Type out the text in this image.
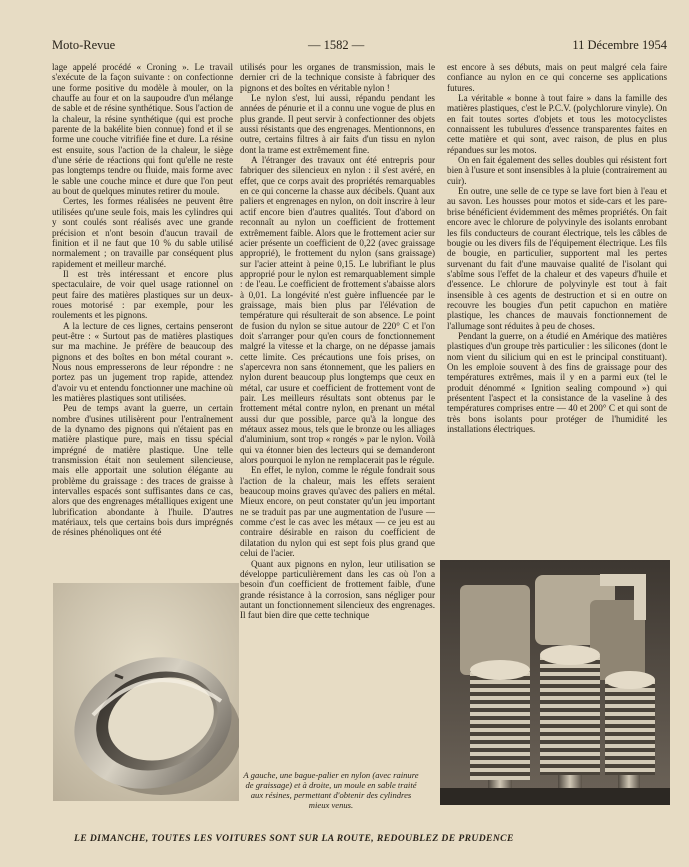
Moto-Revue	— 1582 —	11 Décembre 1954

lage appelé procédé « Croning ». Le travail s'exécute de la façon suivante : on confectionne une forme positive du modèle à mouler, on la chauffe au four et on la saupoudre d'un mélange de sable et de résine synthétique. Sous l'action de la chaleur, la résine synthétique (qui est proche parente de la bakélite bien connue) fond et il se forme une couche vitrifiée fine et dure. La résine est ensuite, sous l'action de la chaleur, le siège d'une série de réactions qui font qu'elle ne reste pas longtemps tendre ou fluide, mais forme avec le sable une couche mince et dure que l'on peut au bout de quelques minutes retirer du moule.

Certes, les formes réalisées ne peuvent être utilisées qu'une seule fois, mais les cylindres qui y sont coulés sont réalisés avec une grande précision et n'ont besoin d'aucun travail de finition et il ne faut que 10 % du sable utilisé normalement ; on travaille par conséquent plus rapidement et meilleur marché.

Il est très intéressant et encore plus spectaculaire, de voir quel usage rationnel on peut faire des matières plastiques sur un deux-roues motorisé : par exemple, pour les roulements et les pignons.

A la lecture de ces lignes, certains penseront peut-être : « Surtout pas de matières plastiques sur ma machine. Je préfère de beaucoup des pignons et des boîtes en bon métal courant ». Nous nous empresserons de leur répondre : ne portez pas un jugement trop rapide, attendez d'avoir vu et entendu fonctionner une machine où les matières plastiques sont utilisées.

Peu de temps avant la guerre, un certain nombre d'usines utilisèrent pour l'entraînement de la dynamo des pignons qui n'étaient pas en matière plastique pure, mais en tissu spécial imprégné de matière plastique. Une telle transmission était non seulement silencieuse, mais elle apportait une solution élégante au problème du graissage : des traces de graisse à intervalles espacés sont suffisantes dans ce cas, alors que des engrenages métalliques exigent une lubrification abondante à l'huile. D'autres matériaux, tels que certains bois durs imprégnés de résines phénoliques ont été

utilisés pour les organes de transmission, mais le dernier cri de la technique consiste à fabriquer des pignons et des boîtes en véritable nylon !

Le nylon s'est, lui aussi, répandu pendant les années de pénurie et il a connu une vogue de plus en plus grande. Il peut servir à confectionner des objets aussi résistants que des engrenages. Mentionnons, en outre, certains filtres à air faits d'un tissu en nylon dont la trame est extrêmement fine.

A l'étranger des travaux ont été entrepris pour fabriquer des silencieux en nylon : il s'est avéré, en effet, que ce corps avait des propriétés remarquables en ce qui concerne la chasse aux décibels. Quant aux paliers et engrenages en nylon, on doit inscrire à leur actif encore bien d'autres qualités. Tout d'abord on reconnaît au nylon un coefficient de frottement extrêmement faible. Alors que le frottement acier sur acier présente un coefficient de 0,22 (avec graissage approprié), le frottement du nylon (sans graissage) sur l'acier atteint à peine 0,15. Le lubrifiant le plus approprié pour le nylon est remarquablement simple : de l'eau. Le coefficient de frottement s'abaisse alors à 0,01. La longévité n'est guère influencée par le graissage, mais bien plus par l'élévation de température qui résulterait de son absence. Le point de fusion du nylon se situe autour de 220° C et l'on doit s'arranger pour qu'en cours de fonctionnement malgré la vitesse et la charge, on ne dépasse jamais cette limite. Ces précautions une fois prises, on s'apercevra non sans étonnement, que les paliers en nylon durent beaucoup plus longtemps que ceux en métal, car usure et coefficient de frottement vont de pair. Les meilleurs résultats sont obtenus par le frottement métal contre nylon, en prenant un métal aussi dur que possible, parce qu'à la longue des métaux assez mous, tels que le bronze ou les alliages d'aluminium, sont trop « rongés » par le nylon. Voilà qui va étonner bien des lecteurs qui se demanderont alors pourquoi le nylon ne remplacerait pas le régule.

En effet, le nylon, comme le régule fondrait sous l'action de la chaleur, mais les effets seraient beaucoup moins graves qu'avec des paliers en métal. Mieux encore, on peut constater qu'un jeu important ne se traduit pas par une augmentation de l'usure — comme c'est le cas avec les métaux — ce jeu est au contraire désirable en raison du coefficient de dilatation du nylon qui est sept fois plus grand que celui de l'acier.

Quant aux pignons en nylon, leur utilisation se développe particulièrement dans les cas où l'on a besoin d'un coefficient de frottement faible, d'une grande résistance à la corrosion, sans négliger pour autant un fonctionnement silencieux des engrenages. Il faut bien dire que cette technique

est encore à ses débuts, mais on peut malgré cela faire confiance au nylon en ce qui concerne ses applications futures.

La véritable « bonne à tout faire » dans la famille des matières plastiques, c'est le P.C.V. (polychlorure vinyle). On en fait toutes sortes d'objets et tous les motocyclistes connaissent les tubulures d'essence transparentes faites en cette matière et qui sont, avec raison, de plus en plus répandues sur les motos.

On en fait également des selles doubles qui résistent fort bien à l'usure et sont insensibles à la pluie (contrairement au cuir).

En outre, une selle de ce type se lave fort bien à l'eau et au savon. Les housses pour motos et side-cars et les pare-brise bénéficient évidemment des mêmes propriétés. On fait encore avec le chlorure de polyvinyle des isolants enrobant les fils conducteurs de courant électrique, tels les câbles de bougie ou les divers fils de l'équipement électrique. Les fils de bougie, en particulier, supportent mal les pertes survenant du fait d'une mauvaise qualité de l'isolant qui s'abîme sous l'effet de la chaleur et des vapeurs d'huile et d'essence. Le chlorure de polyvinyle est tout à fait insensible à ces agents de destruction et si en outre on recouvre les bougies d'un petit capuchon en matière plastique, les chances de mauvais fonctionnement de l'allumage sont réduites à peu de choses.

Pendant la guerre, on a étudié en Amérique des matières plastiques d'un groupe très particulier : les silicones (dont le nom vient du silicium qui en est le principal constituant). On les emploie souvent à des fins de graissage pour des températures extrêmes, mais il y en a parmi eux (tel le produit dénommé « Ignition sealing compound ») qui présentent l'aspect et la consistance de la vaseline à des températures comprises entre — 40 et 200° C et qui sont de très bons isolants pour protéger de l'humidité les installations électriques.

A gauche, une bague-palier en nylon (avec rainure de graissage) et à droite, un moule en sable traité aux résines, permettant d'obtenir des cylindres mieux venus.
LE DIMANCHE, TOUTES LES VOITURES SONT SUR LA ROUTE, REDOUBLEZ DE PRUDENCE
